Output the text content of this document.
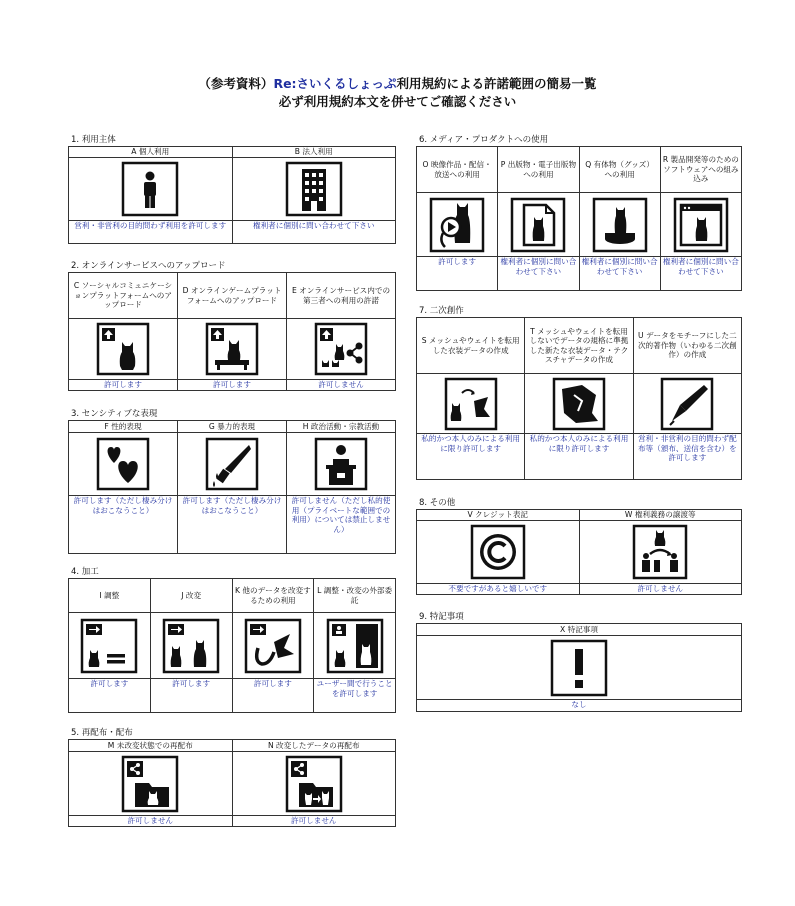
（参考資料）Re:さいくるしょっぷ利用規約による許諾範囲の簡易一覧
必ず利用規約本文を併せてご確認ください
1. 利用主体
A 個人利用	B 法人利用

営利・非営利の目的問わず利用を許可します	権利者に個別に問い合わせて下さい
2. オンラインサービスへのアップロード
C ソーシャルコミュニケーションプラットフォームへのアップロード	D オンラインゲームプラットフォームへのアップロード	E オンラインサービス内での第三者への利用の許諾

許可します	許可します	許可しません
3. センシティブな表現
F 性的表現	G 暴力的表現	H 政治活動・宗教活動

許可します（ただし棲み分けはおこなうこと）	許可します（ただし棲み分けはおこなうこと）	許可しません（ただし私的使用（プライベートな範囲での利用）については禁止しません）
4. 加工
I 調整	J 改変	K 他のデータを改変するための利用	L 調整・改変の外部委託

許可します	許可します	許可します	ユーザー間で行うことを許可します
5. 再配布・配布
M 未改変状態での再配布	N 改変したデータの再配布

許可しません	許可しません
6. メディア・プロダクトへの使用
O 映像作品・配信・放送への利用	P 出版物・電子出版物への利用	Q 有体物（グッズ）への利用	R 製品開発等のためのソフトウェアへの組み込み

許可します	権利者に個別に問い合わせて下さい	権利者に個別に問い合わせて下さい	権利者に個別に問い合わせて下さい
7. 二次創作
S メッシュやウェイトを転用した衣装データの作成	T メッシュやウェイトを転用しないでデータの規格に準拠した新たな衣装データ・テクスチャデータの作成	U データをモチーフにした二次的著作物（いわゆる二次創作）の作成

私的かつ本人のみによる利用に限り許可します	私的かつ本人のみによる利用に限り許可します	営利・非営利の目的問わず配布等（頒布、送信を含む）を許可します
8. その他
V クレジット表記	W 権利義務の譲渡等

不要ですがあると嬉しいです	許可しません
9. 特記事項
X 特記事項

なし
